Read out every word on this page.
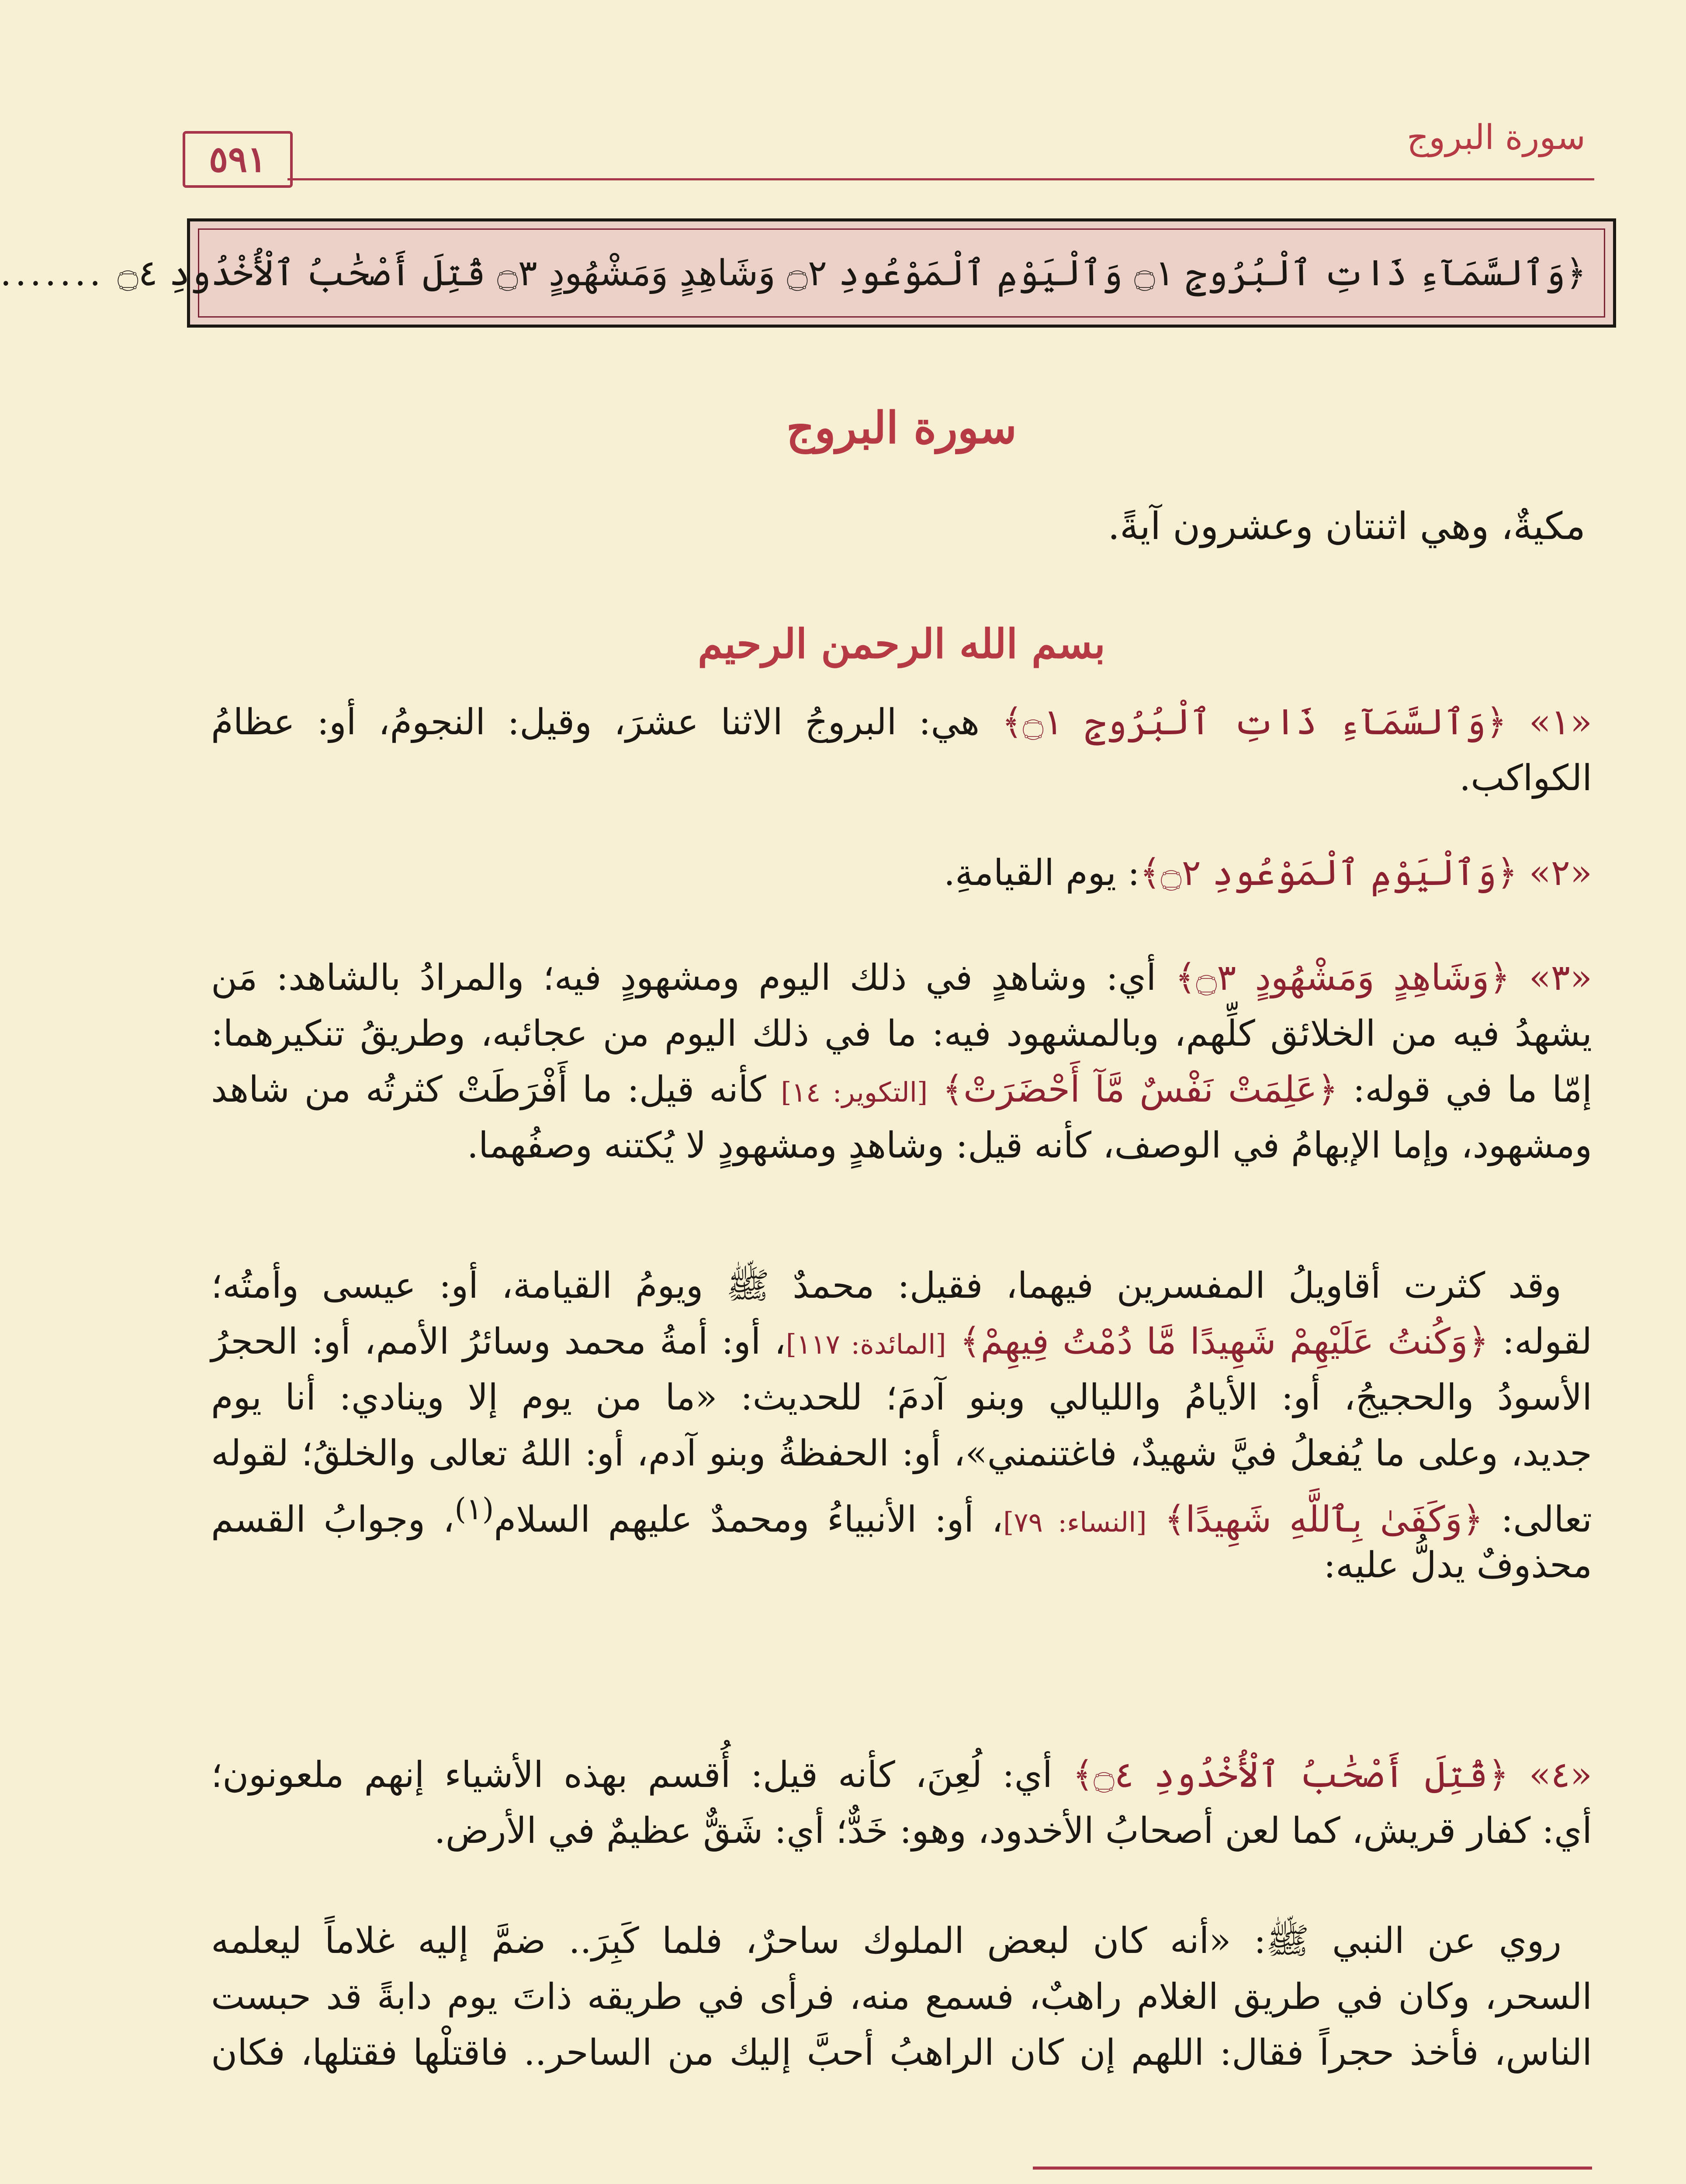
سورة البروج
٥٩١
﴿وَٱلسَّمَآءِ ذَاتِ ٱلْبُرُوجِ ۝١ وَٱلْيَوْمِ ٱلْمَوْعُودِ ۝٢ وَشَاهِدٍ وَمَشْهُودٍ ۝٣ قُتِلَ أَصْحَٰبُ ٱلْأُخْدُودِ ۝٤
.......
سورة البروج
مكيةٌ، وهي اثنتان وعشرون آيةً.
بسم الله الرحمن الرحيم
«١» ﴿وَٱلسَّمَآءِ ذَاتِ ٱلْبُرُوجِ ۝١﴾ هي: البروجُ الاثنا عشرَ، وقيل: النجومُ، أو: عظامُ
الكواكب.
«٢» ﴿وَٱلْيَوْمِ ٱلْمَوْعُودِ ۝٢﴾: يوم القيامةِ.
«٣» ﴿وَشَاهِدٍ وَمَشْهُودٍ ۝٣﴾ أي: وشاهدٍ في ذلك اليوم ومشهودٍ فيه؛ والمرادُ بالشاهد: مَن
يشهدُ فيه من الخلائق كلِّهم، وبالمشهود فيه: ما في ذلك اليوم من عجائبه، وطريقُ تنكيرهما:
إمّا ما في قوله: ﴿عَلِمَتْ نَفْسٌ مَّآ أَحْضَرَتْ﴾ [التكوير: ١٤] كأنه قيل: ما أَفْرَطَتْ كثرتُه من شاهد
ومشهود، وإما الإبهامُ في الوصف، كأنه قيل: وشاهدٍ ومشهودٍ لا يُكتنه وصفُهما.
وقد كثرت أقاويلُ المفسرين فيهما، فقيل: محمدٌ ﷺ ويومُ القيامة، أو: عيسى وأمتُه؛
لقوله: ﴿وَكُنتُ عَلَيْهِمْ شَهِيدًا مَّا دُمْتُ فِيهِمْ﴾ [المائدة: ١١٧]، أو: أمةُ محمد وسائرُ الأمم، أو: الحجرُ
الأسودُ والحجيجُ، أو: الأيامُ والليالي وبنو آدمَ؛ للحديث: «ما من يوم إلا وينادي: أنا يوم
جديد، وعلى ما يُفعلُ فيَّ شهيدٌ، فاغتنمني»، أو: الحفظةُ وبنو آدم، أو: اللهُ تعالى والخلقُ؛ لقوله
تعالى: ﴿وَكَفَىٰ بِٱللَّهِ شَهِيدًا﴾ [النساء: ٧٩]، أو: الأنبياءُ ومحمدٌ عليهم السلام$^{(١)}$، وجوابُ القسم
محذوفٌ يدلُّ عليه:
«٤» ﴿قُتِلَ أَصْحَٰبُ ٱلْأُخْدُودِ ۝٤﴾ أي: لُعِنَ، كأنه قيل: أُقسم بهذه الأشياء إنهم ملعونون؛
أي: كفار قريش، كما لعن أصحابُ الأخدود، وهو: خَدٌّ؛ أي: شَقٌّ عظيمٌ في الأرض.
روي عن النبي ﷺ: «أنه كان لبعض الملوك ساحرٌ، فلما كَبِرَ.. ضمَّ إليه غلاماً ليعلمه
السحر، وكان في طريق الغلام راهبٌ، فسمع منه، فرأى في طريقه ذاتَ يوم دابةً قد حبست
الناس، فأخذ حجراً فقال: اللهم إن كان الراهبُ أحبَّ إليك من الساحر.. فاقتلْها فقتلها، فكان
